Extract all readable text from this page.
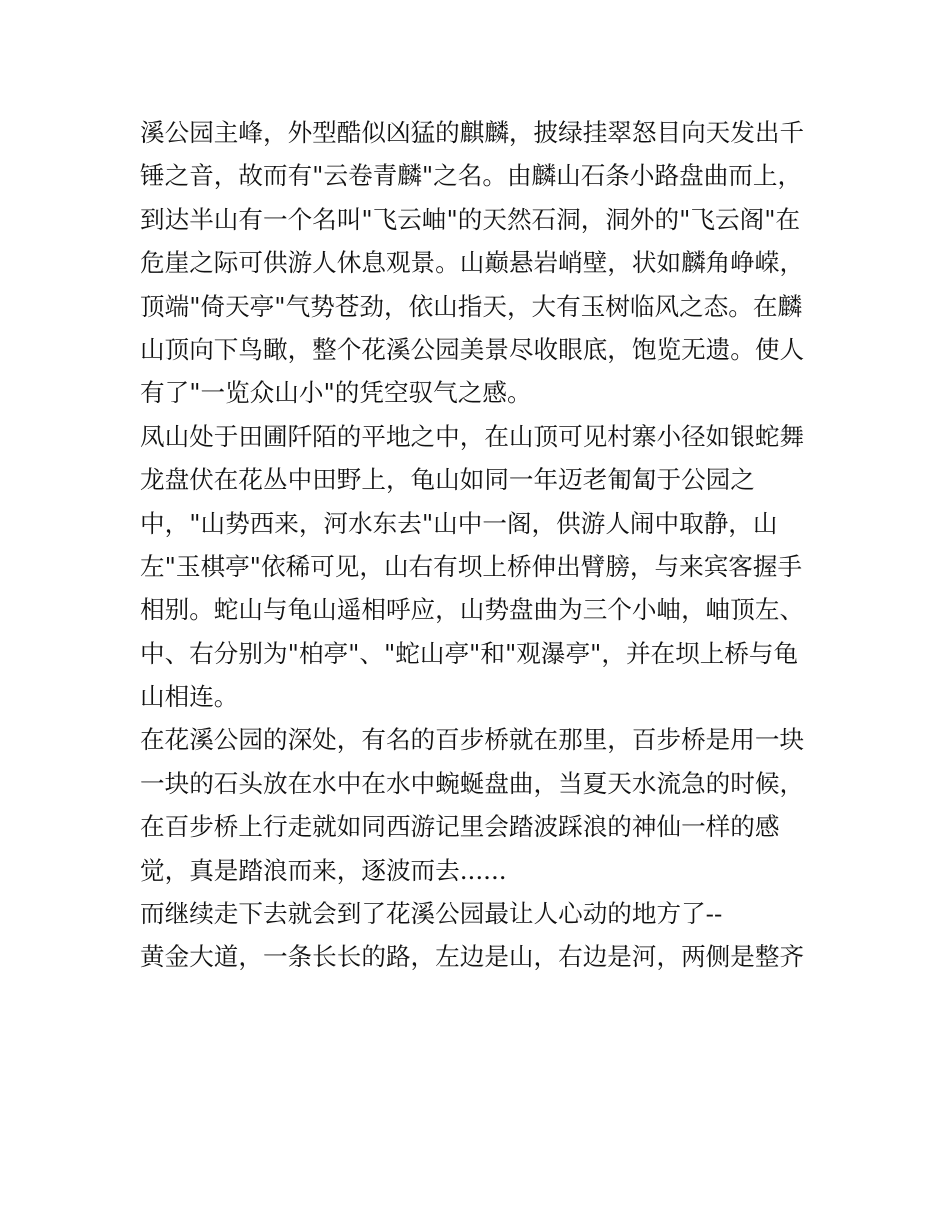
溪公园主峰，外型酷似凶猛的麒麟，披绿挂翠怒目向天发出千
锤之音，故而有"云卷青麟"之名。由麟山石条小路盘曲而上，
到达半山有一个名叫"飞云岫"的天然石洞，洞外的"飞云阁"在
危崖之际可供游人休息观景。山巅悬岩峭壁，状如麟角峥嵘，
顶端"倚天亭"气势苍劲，依山指天，大有玉树临风之态。在麟
山顶向下鸟瞰，整个花溪公园美景尽收眼底，饱览无遗。使人
有了"一览众山小"的凭空驭气之感。
凤山处于田圃阡陌的平地之中，在山顶可见村寨小径如银蛇舞
龙盘伏在花丛中田野上，龟山如同一年迈老匍匐于公园之
中，"山势西来，河水东去"山中一阁，供游人闹中取静，山
左"玉棋亭"依稀可见，山右有坝上桥伸出臂膀，与来宾客握手
相别。蛇山与龟山遥相呼应，山势盘曲为三个小岫，岫顶左、
中、右分别为"柏亭"、"蛇山亭"和"观瀑亭"，并在坝上桥与龟
山相连。
在花溪公园的深处，有名的百步桥就在那里，百步桥是用一块
一块的石头放在水中在水中蜿蜒盘曲，当夏天水流急的时候，
在百步桥上行走就如同西游记里会踏波踩浪的神仙一样的感
觉，真是踏浪而来，逐波而去......
而继续走下去就会到了花溪公园最让人心动的地方了--
黄金大道，一条长长的路，左边是山，右边是河，两侧是整齐
